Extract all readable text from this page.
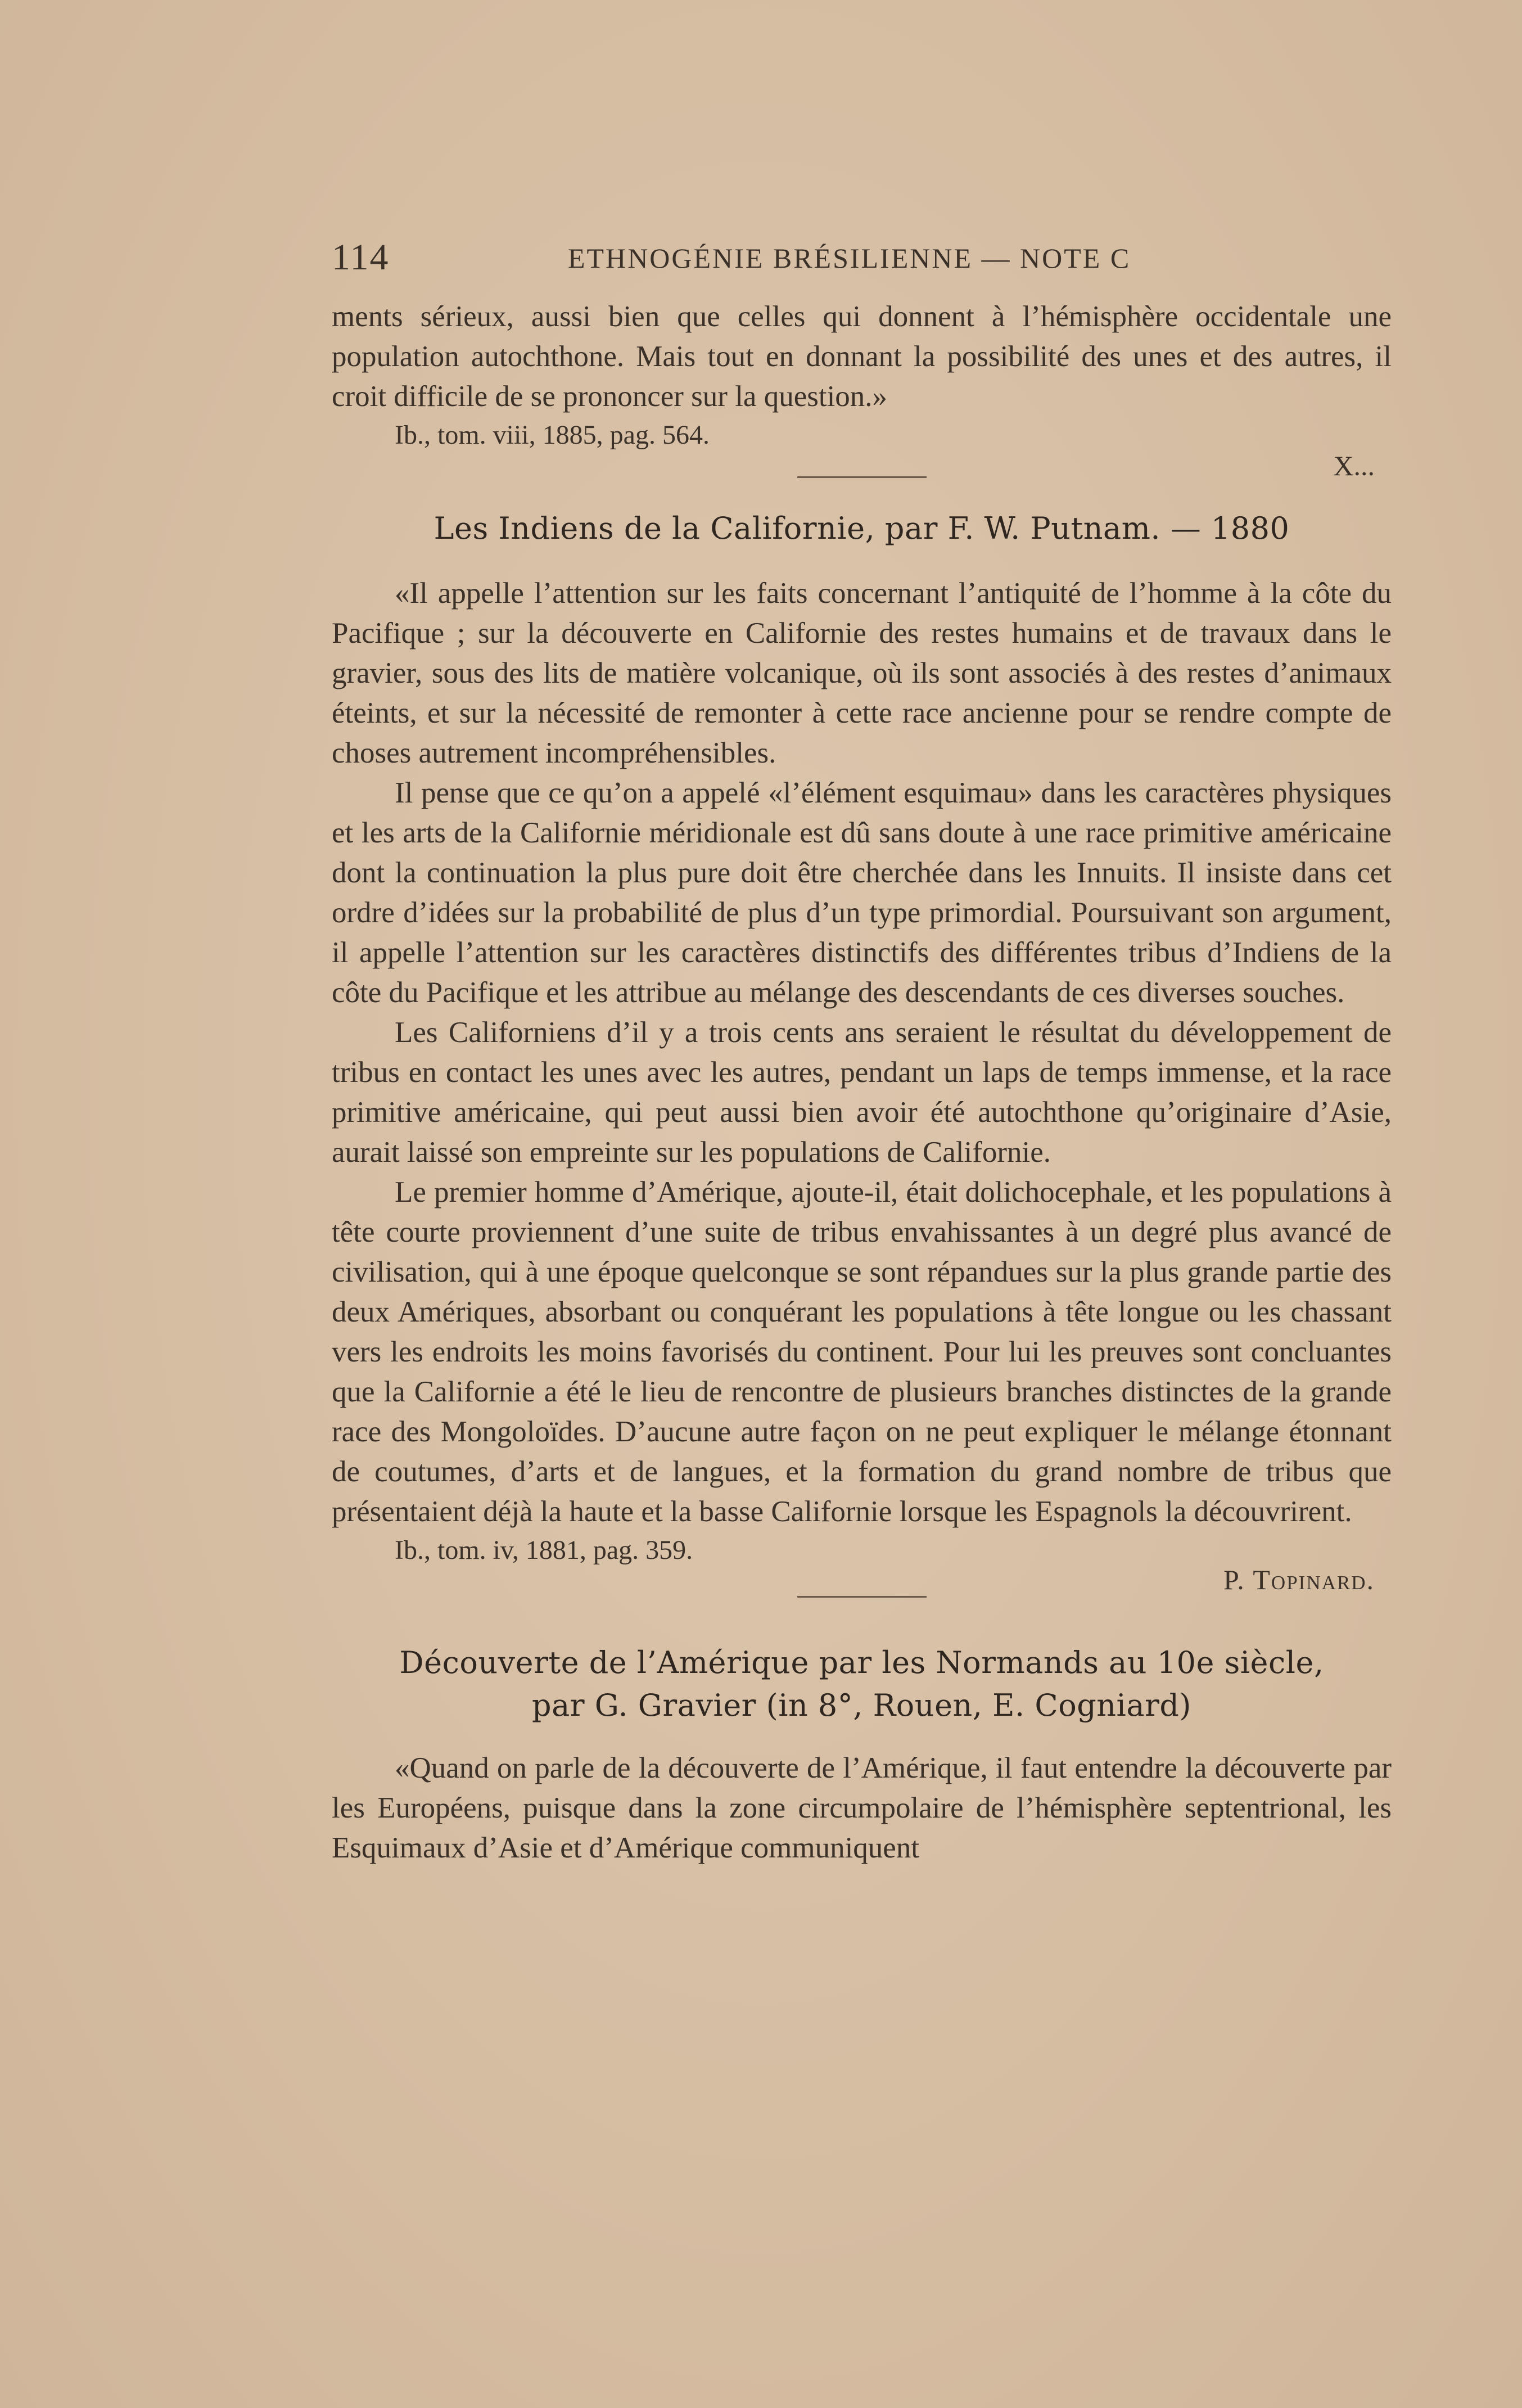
114	ETHNOGÉNIE BRÉSILIENNE — NOTE C

ments sérieux, aussi bien que celles qui donnent à l’hémisphère occidentale une population autochthone. Mais tout en donnant la possibilité des unes et des autres, il croit difficile de se prononcer sur la question.»

Ib., tom. viii, 1885, pag. 564.

X...

Les Indiens de la Californie, par F. W. Putnam. — 1880

«Il appelle l’attention sur les faits concernant l’antiquité de l’homme à la côte du Pacifique ; sur la découverte en Californie des restes humains et de travaux dans le gravier, sous des lits de matière volcanique, où ils sont associés à des restes d’animaux éteints, et sur la nécessité de remonter à cette race ancienne pour se rendre compte de choses autrement incompréhensibles.

Il pense que ce qu’on a appelé «l’élément esquimau» dans les caractères physiques et les arts de la Californie méridionale est dû sans doute à une race primitive américaine dont la continuation la plus pure doit être cherchée dans les Innuits. Il insiste dans cet ordre d’idées sur la probabilité de plus d’un type primordial. Poursuivant son argument, il appelle l’attention sur les caractères distinctifs des différentes tribus d’Indiens de la côte du Pacifique et les attribue au mélange des descendants de ces diverses souches.

Les Californiens d’il y a trois cents ans seraient le résultat du développement de tribus en contact les unes avec les autres, pendant un laps de temps immense, et la race primitive américaine, qui peut aussi bien avoir été autochthone qu’originaire d’Asie, aurait laissé son empreinte sur les populations de Californie.

Le premier homme d’Amérique, ajoute-il, était dolichocephale, et les populations à tête courte proviennent d’une suite de tribus envahissantes à un degré plus avancé de civilisation, qui à une époque quelconque se sont répandues sur la plus grande partie des deux Amériques, absorbant ou conquérant les populations à tête longue ou les chassant vers les endroits les moins favorisés du continent. Pour lui les preuves sont concluantes que la Californie a été le lieu de rencontre de plusieurs branches distinctes de la grande race des Mongoloïdes. D’aucune autre façon on ne peut expliquer le mélange étonnant de coutumes, d’arts et de langues, et la formation du grand nombre de tribus que présentaient déjà la haute et la basse Californie lorsque les Espagnols la découvrirent.

Ib., tom. iv, 1881, pag. 359.

P. Topinard.

Découverte de l’Amérique par les Normands au 10e siècle,

par G. Gravier (in 8°, Rouen, E. Cogniard)

«Quand on parle de la découverte de l’Amérique, il faut entendre la découverte par les Européens, puisque dans la zone circumpolaire de l’hémisphère septentrional, les Esquimaux d’Asie et d’Amérique communiquent
